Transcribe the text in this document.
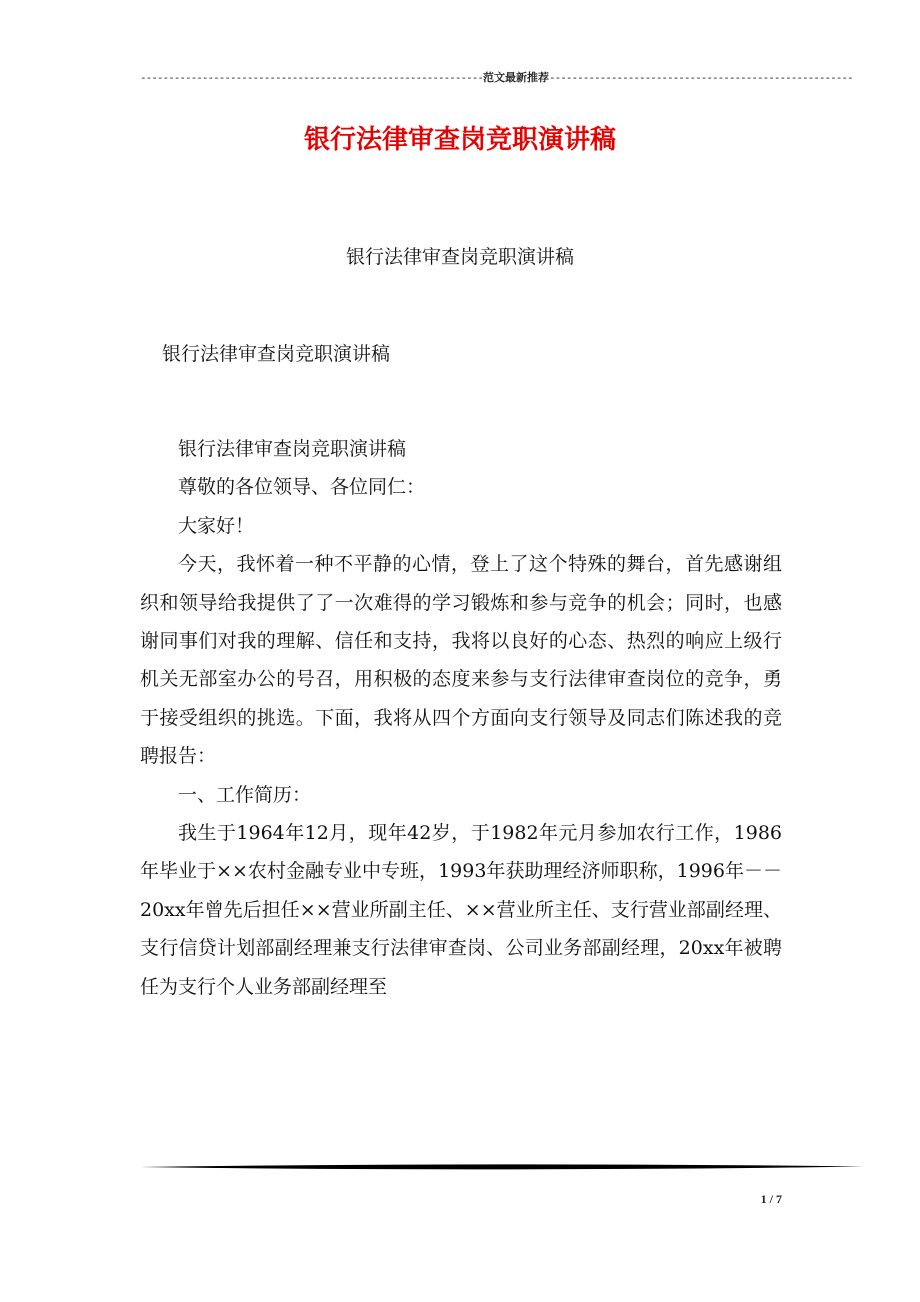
-------------------------------------------------------------范文最新推荐------------------------------------------------------
银行法律审查岗竞职演讲稿
银行法律审查岗竞职演讲稿
银行法律审查岗竞职演讲稿

银行法律审查岗竞职演讲稿

尊敬的各位领导、各位同仁：

大家好！

今天，我怀着一种不平静的心情，登上了这个特殊的舞台，首先感谢组织和领导给我提供了了一次难得的学习锻炼和参与竞争的机会；同时，也感谢同事们对我的理解、信任和支持，我将以良好的心态、热烈的响应上级行机关无部室办公的号召，用积极的态度来参与支行法律审查岗位的竞争，勇于接受组织的挑选。下面，我将从四个方面向支行领导及同志们陈述我的竞聘报告：

一、工作简历：

我生于1964年12月，现年42岁，于1982年元月参加农行工作，1986年毕业于××农村金融专业中专班，1993年获助理经济师职称，1996年－－20xx年曾先后担任××营业所副主任、××营业所主任、支行营业部副经理、支行信贷计划部副经理兼支行法律审查岗、公司业务部副经理，20xx年被聘任为支行个人业务部副经理至

1 / 7
